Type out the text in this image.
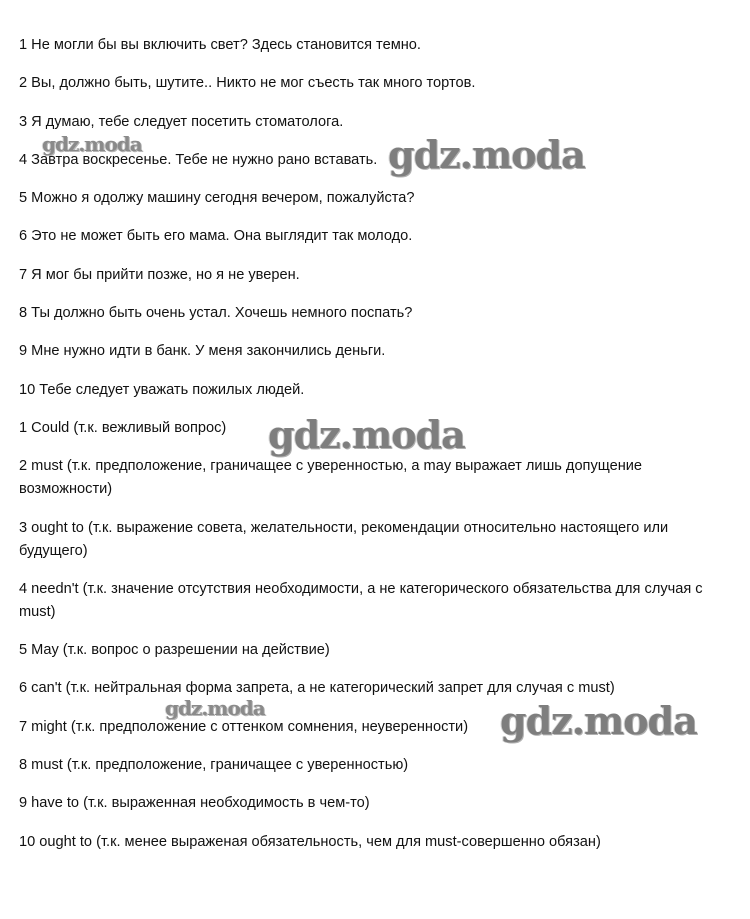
1 Не могли бы вы включить свет? Здесь становится темно.

2 Вы, должно быть, шутите.. Никто не мог съесть так много тортов.

3 Я думаю, тебе следует посетить стоматолога.

4 Завтра воскресенье. Тебе не нужно рано вставать.

5 Можно я одолжу машину сегодня вечером, пожалуйста?

6 Это не может быть его мама. Она выглядит так молодо.

7 Я мог бы прийти позже, но я не уверен.

8 Ты должно быть очень устал. Хочешь немного поспать?

9 Мне нужно идти в банк. У меня закончились деньги.

10 Тебе следует уважать пожилых людей.

1 Could (т.к. вежливый вопрос)

2 must (т.к. предположение, граничащее с уверенностью, а may выражает лишь допущение возможности)

3 ought to (т.к. выражение совета, желательности, рекомендации относительно настоящего или будущего)

4 needn't (т.к. значение отсутствия необходимости, а не категорического обязательства для случая с must)

5 May (т.к. вопрос о разрешении на действие)

6 can't (т.к. нейтральная форма запрета, а не категорический запрет для случая с must)

7 might (т.к. предположение с оттенком сомнения, неуверенности)

8 must (т.к. предположение, граничащее с уверенностью)

9 have to (т.к. выраженная необходимость в чем-то)

10 ought to (т.к. менее выраженая обязательность, чем для must-совершенно обязан)

gdz.moda	gdz.moda
gdz.moda
gdz.moda	gdz.moda
